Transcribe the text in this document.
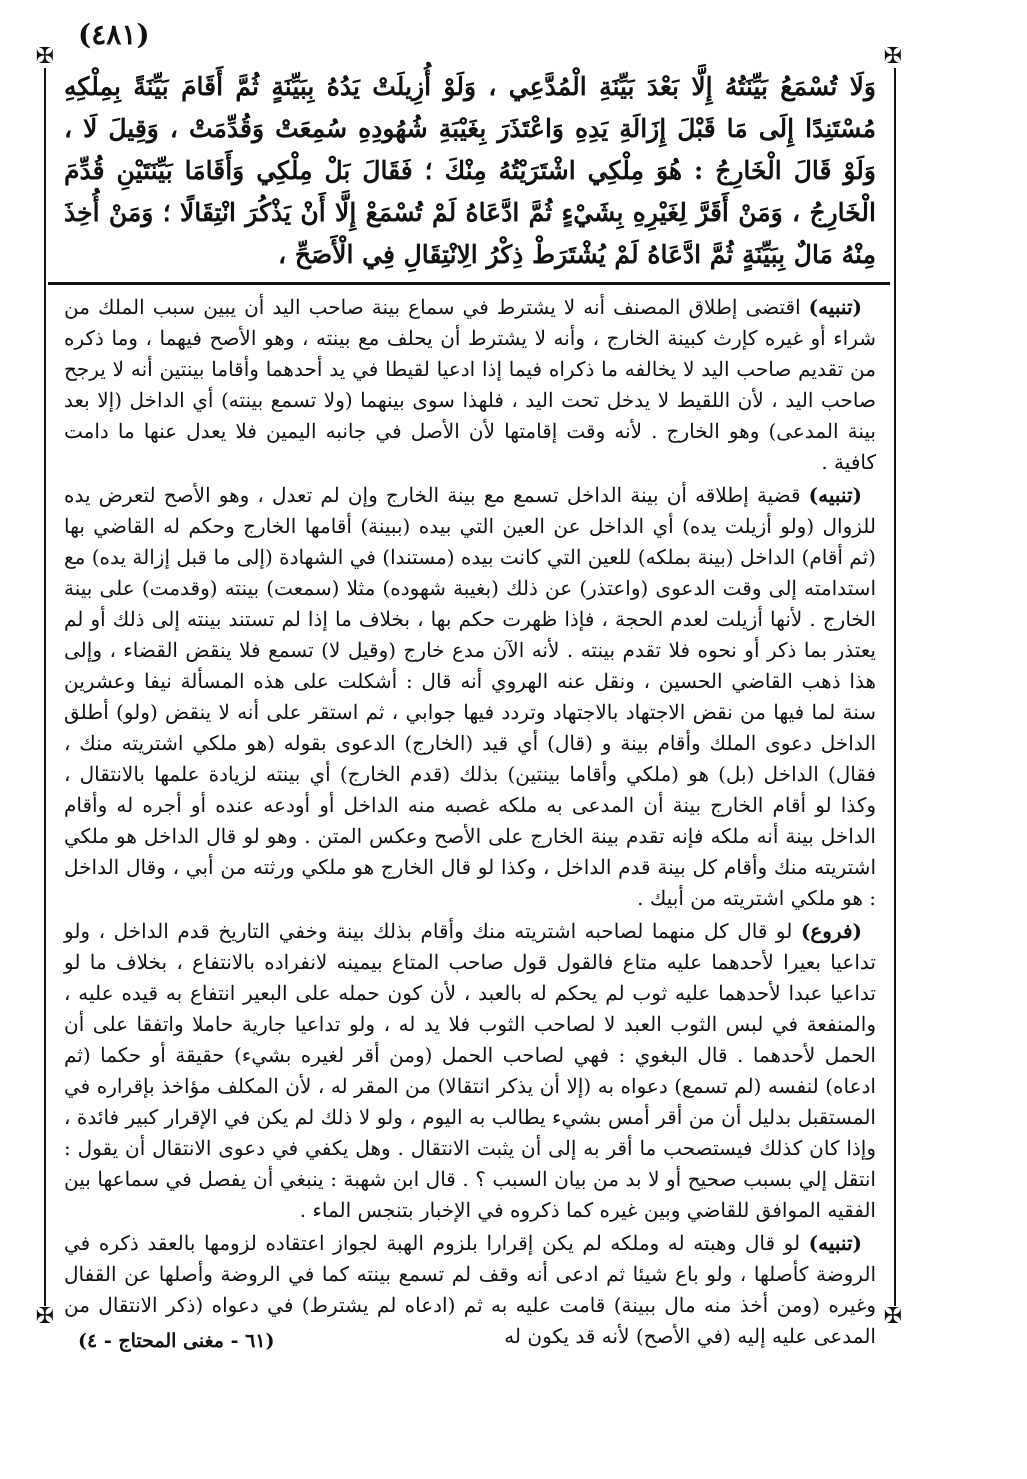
(٤٨١)
✠	✠
✠	✠

وَلَا تُسْمَعُ بَيِّنَتُهُ إِلَّا بَعْدَ بَيِّنَةِ الْمُدَّعِي ، وَلَوْ أُزِيلَتْ يَدُهُ بِبَيِّنَةٍ ثُمَّ أَقَامَ بَيِّنَةً بِمِلْكِهِ مُسْتَنِدًا إِلَى مَا قَبْلَ إِزَالَةِ يَدِهِ وَاعْتَذَرَ بِغَيْبَةِ شُهُودِهِ سُمِعَتْ وَقُدِّمَتْ ، وَقِيلَ لَا ، وَلَوْ قَالَ الْخَارِجُ : هُوَ مِلْكِي اشْتَرَيْتُهُ مِنْكَ ؛ فَقَالَ بَلْ مِلْكِي وَأَقَامَا بَيِّنَتَيْنِ قُدِّمَ الْخَارِجُ ، وَمَنْ أَقَرَّ لِغَيْرِهِ بِشَيْءٍ ثُمَّ ادَّعَاهُ لَمْ تُسْمَعْ إِلَّا أَنْ يَذْكُرَ انْتِقَالًا ؛ وَمَنْ أُخِذَ مِنْهُ مَالٌ بِبَيِّنَةٍ ثُمَّ ادَّعَاهُ لَمْ يُشْتَرَطْ ذِكْرُ الِانْتِقَالِ فِي الْأَصَحِّ ،

(تنبيه) اقتضى إطلاق المصنف أنه لا يشترط في سماع بينة صاحب اليد أن يبين سبب الملك من شراء أو غيره كإرث كبينة الخارج ، وأنه لا يشترط أن يحلف مع بينته ، وهو الأصح فيهما ، وما ذكره من تقديم صاحب اليد لا يخالفه ما ذكراه فيما إذا ادعيا لقيطا في يد أحدهما وأقاما بينتين أنه لا يرجح صاحب اليد ، لأن اللقيط لا يدخل تحت اليد ، فلهذا سوى بينهما (ولا تسمع بينته) أي الداخل (إلا بعد بينة المدعى) وهو الخارج . لأنه وقت إقامتها لأن الأصل في جانبه اليمين فلا يعدل عنها ما دامت كافية .

(تنبيه) قضية إطلاقه أن بينة الداخل تسمع مع بينة الخارج وإن لم تعدل ، وهو الأصح لتعرض يده للزوال (ولو أزيلت يده) أي الداخل عن العين التي بيده (ببينة) أقامها الخارج وحكم له القاضي بها (ثم أقام) الداخل (بينة بملكه) للعين التي كانت بيده (مستندا) في الشهادة (إلى ما قبل إزالة يده) مع استدامته إلى وقت الدعوى (واعتذر) عن ذلك (بغيبة شهوده) مثلا (سمعت) بينته (وقدمت) على بينة الخارج . لأنها أزيلت لعدم الحجة ، فإذا ظهرت حكم بها ، بخلاف ما إذا لم تستند بينته إلى ذلك أو لم يعتذر بما ذكر أو نحوه فلا تقدم بينته . لأنه الآن مدع خارج (وقيل لا) تسمع فلا ينقض القضاء ، وإلى هذا ذهب القاضي الحسين ، ونقل عنه الهروي أنه قال : أشكلت على هذه المسألة نيفا وعشرين سنة لما فيها من نقض الاجتهاد بالاجتهاد وتردد فيها جوابي ، ثم استقر على أنه لا ينقض (ولو) أطلق الداخل دعوى الملك وأقام بينة و (قال) أي قيد (الخارج) الدعوى بقوله (هو ملكي اشتريته منك ، فقال) الداخل (بل) هو (ملكي وأقاما بينتين) بذلك (قدم الخارج) أي بينته لزيادة علمها بالانتقال ، وكذا لو أقام الخارج بينة أن المدعى به ملكه غصبه منه الداخل أو أودعه عنده أو أجره له وأقام الداخل بينة أنه ملكه فإنه تقدم بينة الخارج على الأصح وعكس المتن . وهو لو قال الداخل هو ملكي اشتريته منك وأقام كل بينة قدم الداخل ، وكذا لو قال الخارج هو ملكي ورثته من أبي ، وقال الداخل : هو ملكي اشتريته من أبيك .

(فروع) لو قال كل منهما لصاحبه اشتريته منك وأقام بذلك بينة وخفي التاريخ قدم الداخل ، ولو تداعيا بعيرا لأحدهما عليه متاع فالقول قول صاحب المتاع بيمينه لانفراده بالانتفاع ، بخلاف ما لو تداعيا عبدا لأحدهما عليه ثوب لم يحكم له بالعبد ، لأن كون حمله على البعير انتفاع به قيده عليه ، والمنفعة في لبس الثوب العبد لا لصاحب الثوب فلا يد له ، ولو تداعيا جارية حاملا واتفقا على أن الحمل لأحدهما . قال البغوي : فهي لصاحب الحمل (ومن أقر لغيره بشيء) حقيقة أو حكما (ثم ادعاه) لنفسه (لم تسمع) دعواه به (إلا أن يذكر انتقالا) من المقر له ، لأن المكلف مؤاخذ بإقراره في المستقبل بدليل أن من أقر أمس بشيء يطالب به اليوم ، ولو لا ذلك لم يكن في الإقرار كبير فائدة ، وإذا كان كذلك فيستصحب ما أقر به إلى أن يثبت الانتقال . وهل يكفي في دعوى الانتقال أن يقول : انتقل إلي بسبب صحيح أو لا بد من بيان السبب ؟ . قال ابن شهبة : ينبغي أن يفصل في سماعها بين الفقيه الموافق للقاضي وبين غيره كما ذكروه في الإخبار بتنجس الماء .

(تنبيه) لو قال وهبته له وملكه لم يكن إقرارا بلزوم الهبة لجواز اعتقاده لزومها بالعقد ذكره في الروضة كأصلها ، ولو باع شيئا ثم ادعى أنه وقف لم تسمع بينته كما في الروضة وأصلها عن القفال وغيره (ومن أخذ منه مال ببينة) قامت عليه به ثم (ادعاه لم يشترط) في دعواه (ذكر الانتقال من المدعى عليه إليه (في الأصح) لأنه قد يكون له

(٦١ - مغنى المحتاج - ٤)
